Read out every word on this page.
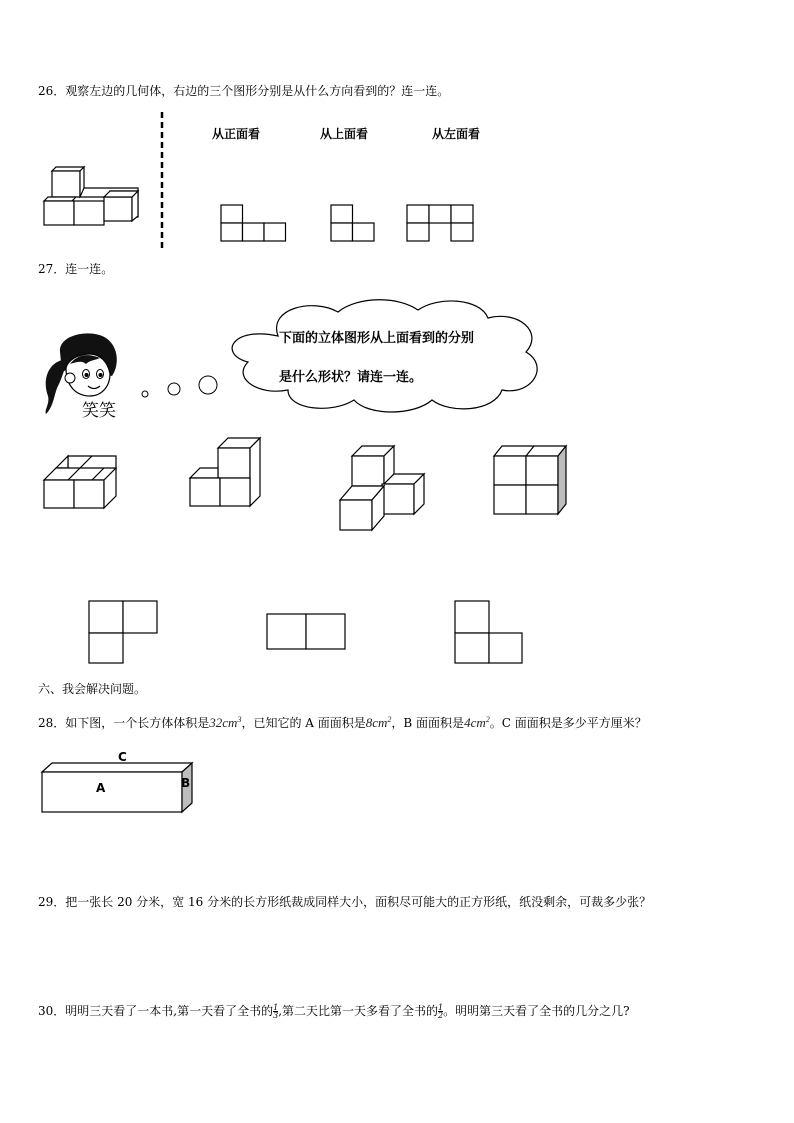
26．观察左边的几何体，右边的三个图形分别是从什么方向看到的？连一连。
从正面看	从上面看	从左面看
27．连一连。
笑笑
下面的立体图形从上面看到的分别
是什么形状？请连一连。
六、我会解决问题。
28．如下图，一个长方体体积是$32cm^3$，已知它的 A 面面积是$8cm^2$，B 面面积是$4cm^2$。C 面面积是多少平方厘米？
C
A	B
29．把一张长 20 分米，宽 16 分米的长方形纸裁成同样大小，面积尽可能大的正方形纸，纸没剩余，可裁多少张？
30．明明三天看了一本书,第一天看了全书的 $\frac{1}{3}$ ,第二天比第一天多看了全书的 $\frac{1}{2}$ 。明明第三天看了全书的几分之几?
